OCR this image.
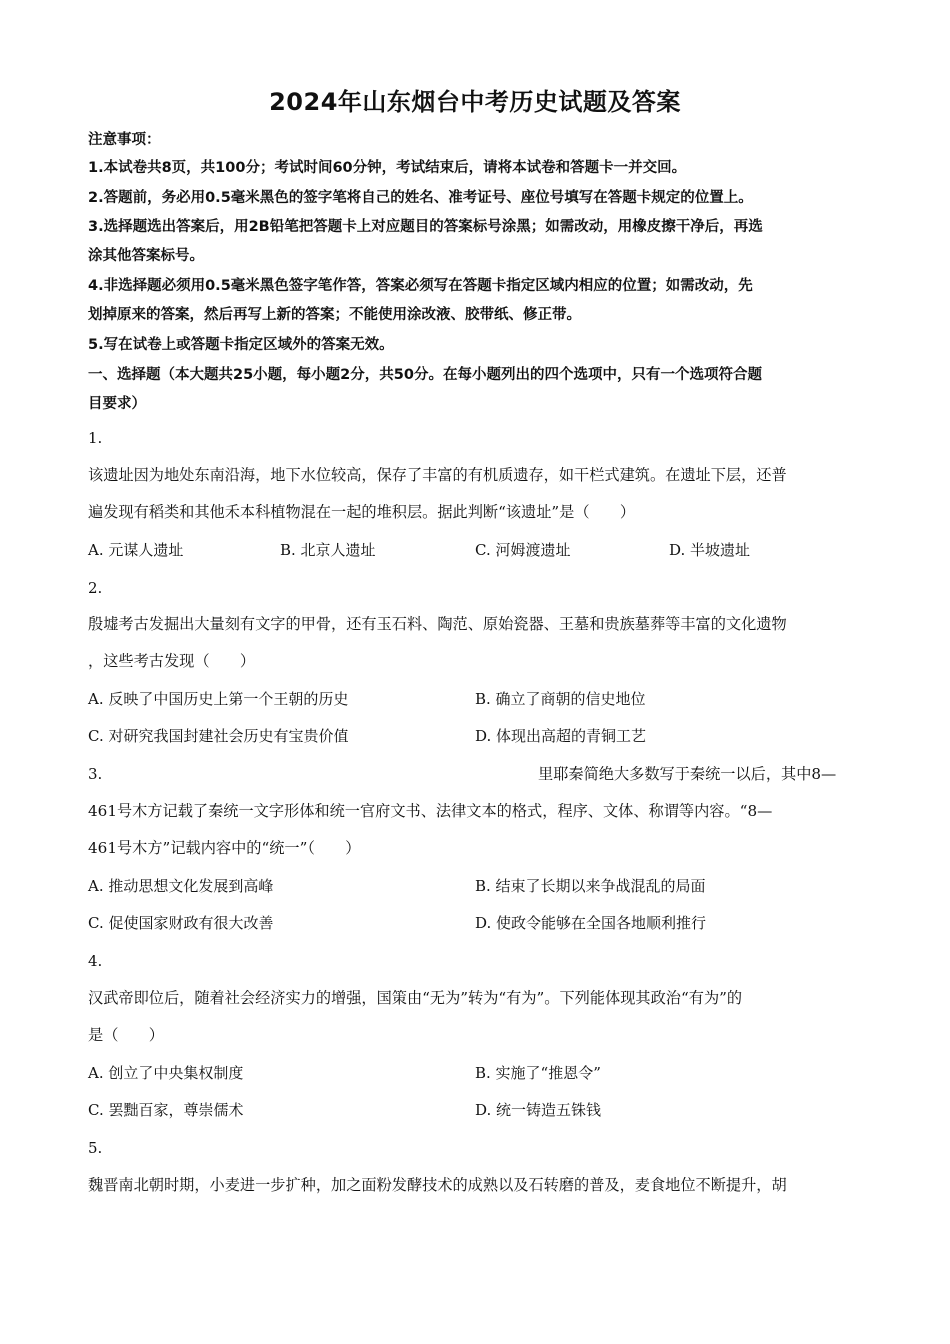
2024年山东烟台中考历史试题及答案
注意事项：
1.本试卷共8页，共100分；考试时间60分钟，考试结束后，请将本试卷和答题卡一并交回。
2.答题前，务必用0.5毫米黑色的签字笔将自己的姓名、准考证号、座位号填写在答题卡规定的位置上。
3.选择题选出答案后，用2B铅笔把答题卡上对应题目的答案标号涂黑；如需改动，用橡皮擦干净后，再选
涂其他答案标号。
4.非选择题必须用0.5毫米黑色签字笔作答，答案必须写在答题卡指定区域内相应的位置；如需改动，先
划掉原来的答案，然后再写上新的答案；不能使用涂改液、胶带纸、修正带。
5.写在试卷上或答题卡指定区域外的答案无效。
一、选择题（本大题共25小题，每小题2分，共50分。在每小题列出的四个选项中，只有一个选项符合题
目要求）
1.
该遗址因为地处东南沿海，地下水位较高，保存了丰富的有机质遗存，如干栏式建筑。在遗址下层，还普
遍发现有稻类和其他禾本科植物混在一起的堆积层。据此判断“该遗址”是（　　）
A. 元谋人遗址	B. 北京人遗址	C. 河姆渡遗址	D. 半坡遗址
2.
殷墟考古发掘出大量刻有文字的甲骨，还有玉石料、陶范、原始瓷器、王墓和贵族墓葬等丰富的文化遗物
，这些考古发现（　　）
A. 反映了中国历史上第一个王朝的历史	B. 确立了商朝的信史地位
C. 对研究我国封建社会历史有宝贵价值	D. 体现出高超的青铜工艺
3.	里耶秦简绝大多数写于秦统一以后，其中8—
461号木方记载了秦统一文字形体和统一官府文书、法律文本的格式，程序、文体、称谓等内容。“8—
461号木方”记载内容中的“统一”（　　）
A. 推动思想文化发展到高峰	B. 结束了长期以来争战混乱的局面
C. 促使国家财政有很大改善	D. 使政令能够在全国各地顺利推行
4.
汉武帝即位后，随着社会经济实力的增强，国策由“无为”转为“有为”。下列能体现其政治“有为”的
是（　　）
A. 创立了中央集权制度	B. 实施了“推恩令”
C. 罢黜百家，尊崇儒术	D. 统一铸造五铢钱
5.
魏晋南北朝时期，小麦进一步扩种，加之面粉发酵技术的成熟以及石转磨的普及，麦食地位不断提升，胡
